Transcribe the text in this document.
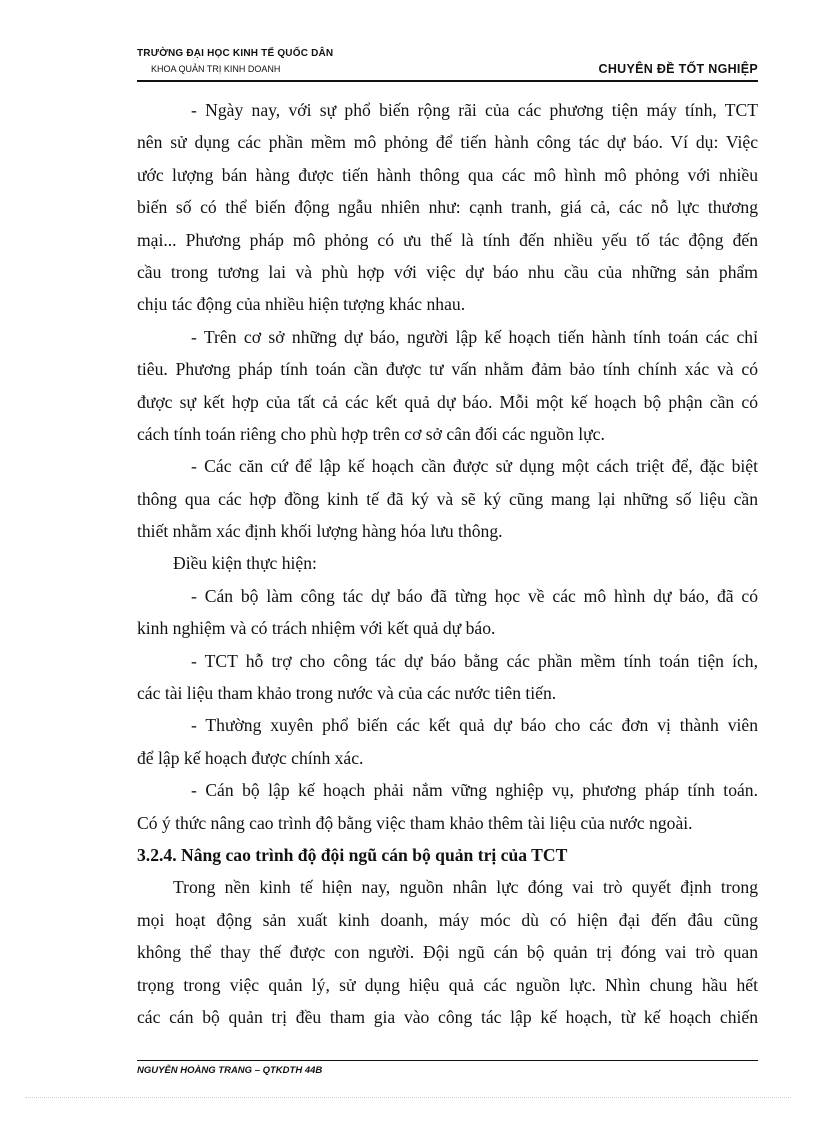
TRƯỜNG ĐẠI HỌC KINH TẾ QUỐC DÂN
KHOA QUẢN TRỊ KINH DOANH	CHUYÊN ĐỀ TỐT NGHIỆP
- Ngày nay, với sự phổ biến rộng rãi của các phương tiện máy tính, TCT
nên sử dụng các phần mềm mô phỏng để tiến hành công tác dự báo. Ví dụ: Việc
ước lượng bán hàng được tiến hành thông qua các mô hình mô phỏng với nhiều
biến số có thể biến động ngẫu nhiên như: cạnh tranh, giá cả, các nỗ lực thương
mại... Phương pháp mô phỏng có ưu thế là tính đến nhiều yếu tố tác động đến
cầu trong tương lai và phù hợp với việc dự báo nhu cầu của những sản phẩm
chịu tác động của nhiều hiện tượng khác nhau.
- Trên cơ sở những dự báo, người lập kế hoạch tiến hành tính toán các chỉ
tiêu. Phương pháp tính toán cần được tư vấn nhằm đảm bảo tính chính xác và có
được sự kết hợp của tất cả các kết quả dự báo. Mỗi một kế hoạch bộ phận cần có
cách tính toán riêng cho phù hợp trên cơ sở cân đối các nguồn lực.
- Các căn cứ để lập kế hoạch cần được sử dụng một cách triệt để, đặc biệt
thông qua các hợp đồng kinh tế đã ký và sẽ ký cũng mang lại những số liệu cần
thiết nhằm xác định khối lượng hàng hóa lưu thông.
Điều kiện thực hiện:
- Cán bộ làm công tác dự báo đã từng học về các mô hình dự báo, đã có
kinh nghiệm và có trách nhiệm với kết quả dự báo.
- TCT hỗ trợ cho công tác dự báo bằng các phần mềm tính toán tiện ích,
các tài liệu tham khảo trong nước và của các nước tiên tiến.
- Thường xuyên phổ biến các kết quả dự báo cho các đơn vị thành viên
để lập kế hoạch được chính xác.
- Cán bộ lập kế hoạch phải nắm vững nghiệp vụ, phương pháp tính toán.
Có ý thức nâng cao trình độ bằng việc tham khảo thêm tài liệu của nước ngoài.
3.2.4. Nâng cao trình độ đội ngũ cán bộ quản trị của TCT
Trong nền kinh tế hiện nay, nguồn nhân lực đóng vai trò quyết định trong
mọi hoạt động sản xuất kinh doanh, máy móc dù có hiện đại đến đâu cũng
không thể thay thế được con người. Đội ngũ cán bộ quản trị đóng vai trò quan
trọng trong việc quản lý, sử dụng hiệu quả các nguồn lực. Nhìn chung hầu hết
các cán bộ quản trị đều tham gia vào công tác lập kế hoạch, từ kế hoạch chiến
NGUYỄN HOÀNG TRANG – QTKDTH 44B
